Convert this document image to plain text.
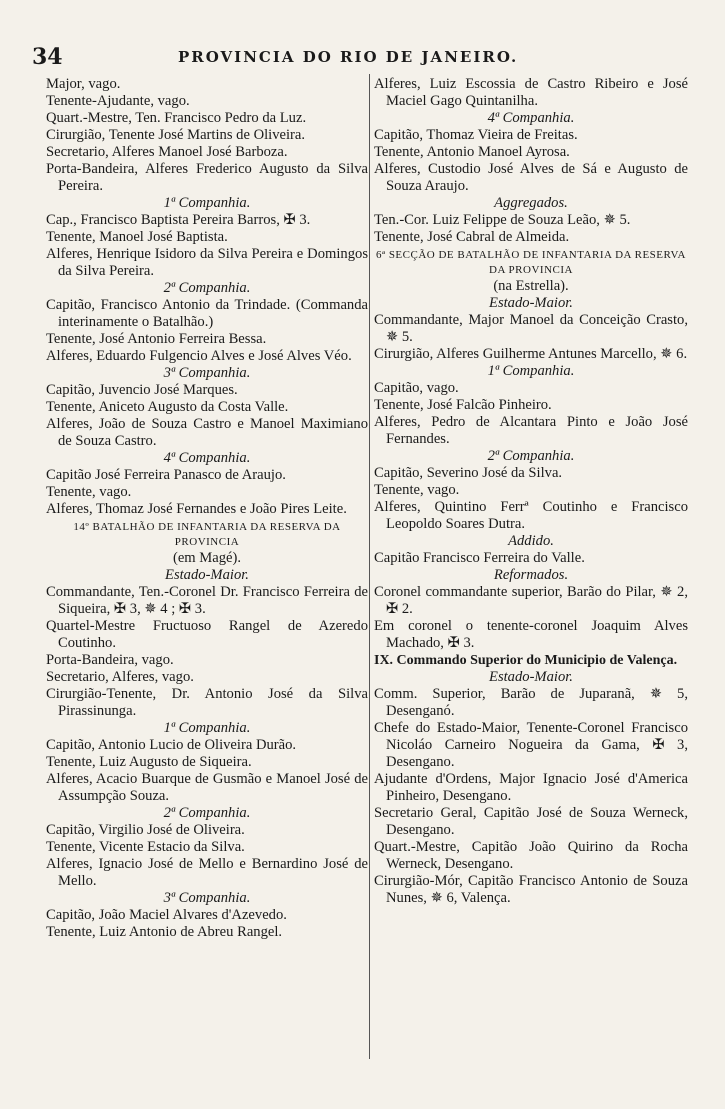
34	PROVINCIA DO RIO DE JANEIRO.
Major, vago.
Tenente-Ajudante, vago.
Quart.-Mestre, Ten. Francisco Pedro da Luz.
Cirurgião, Tenente José Martins de Oliveira.
Secretario, Alferes Manoel José Barboza.
Porta-Bandeira, Alferes Frederico Augusto da Silva Pereira.
1ª Companhia.
Cap., Francisco Baptista Pereira Barros, ✠ 3.
Tenente, Manoel José Baptista.
Alferes, Henrique Isidoro da Silva Pereira e Domingos da Silva Pereira.
2ª Companhia.
Capitão, Francisco Antonio da Trindade. (Commanda interinamente o Batalhão.)
Tenente, José Antonio Ferreira Bessa.
Alferes, Eduardo Fulgencio Alves e José Alves Véo.
3ª Companhia.
Capitão, Juvencio José Marques.
Tenente, Aniceto Augusto da Costa Valle.
Alferes, João de Souza Castro e Manoel Maximiano de Souza Castro.
4ª Companhia.
Capitão José Ferreira Panasco de Araujo.
Tenente, vago.
Alferes, Thomaz José Fernandes e João Pires Leite.
14º BATALHÃO DE INFANTARIA DA RESERVA DA PROVINCIA
(em Magé).
Estado-Maior.
Commandante, Ten.-Coronel Dr. Francisco Ferreira de Siqueira, ✠ 3, ✵ 4 ; ✠ 3.
Quartel-Mestre Fructuoso Rangel de Azeredo Coutinho.
Porta-Bandeira, vago.
Secretario, Alferes, vago.
Cirurgião-Tenente, Dr. Antonio José da Silva Pirassinunga.
1ª Companhia.
Capitão, Antonio Lucio de Oliveira Durão.
Tenente, Luiz Augusto de Siqueira.
Alferes, Acacio Buarque de Gusmão e Manoel José de Assumpção Souza.
2ª Companhia.
Capitão, Virgilio José de Oliveira.
Tenente, Vicente Estacio da Silva.
Alferes, Ignacio José de Mello e Bernardino José de Mello.
3ª Companhia.
Capitão, João Maciel Alvares d'Azevedo.
Tenente, Luiz Antonio de Abreu Rangel.
Alferes, Luiz Escossia de Castro Ribeiro e José Maciel Gago Quintanilha.
4ª Companhia.
Capitão, Thomaz Vieira de Freitas.
Tenente, Antonio Manoel Ayrosa.
Alferes, Custodio José Alves de Sá e Augusto de Souza Araujo.
Aggregados.
Ten.-Cor. Luiz Felippe de Souza Leão, ✵ 5.
Tenente, José Cabral de Almeida.
6ª SECÇÃO DE BATALHÃO DE INFANTARIA DA RESERVA DA PROVINCIA
(na Estrella).
Estado-Maior.
Commandante, Major Manoel da Conceição Crasto, ✵ 5.
Cirurgião, Alferes Guilherme Antunes Marcello, ✵ 6.
1ª Companhia.
Capitão, vago.
Tenente, José Falcão Pinheiro.
Alferes, Pedro de Alcantara Pinto e João José Fernandes.
2ª Companhia.
Capitão, Severino José da Silva.
Tenente, vago.
Alferes, Quintino Ferrª Coutinho e Francisco Leopoldo Soares Dutra.
Addido.
Capitão Francisco Ferreira do Valle.
Reformados.
Coronel commandante superior, Barão do Pilar, ✵ 2, ✠ 2.
Em coronel o tenente-coronel Joaquim Alves Machado, ✠ 3.
IX. Commando Superior do Municipio de Valença.
Estado-Maior.
Comm. Superior, Barão de Juparanã, ✵ 5, Desenganó.
Chefe do Estado-Maior, Tenente-Coronel Francisco Nicoláo Carneiro Nogueira da Gama, ✠ 3, Desengano.
Ajudante d'Ordens, Major Ignacio José d'America Pinheiro, Desengano.
Secretario Geral, Capitão José de Souza Werneck, Desengano.
Quart.-Mestre, Capitão João Quirino da Rocha Werneck, Desengano.
Cirurgião-Mór, Capitão Francisco Antonio de Souza Nunes, ✵ 6, Valença.
